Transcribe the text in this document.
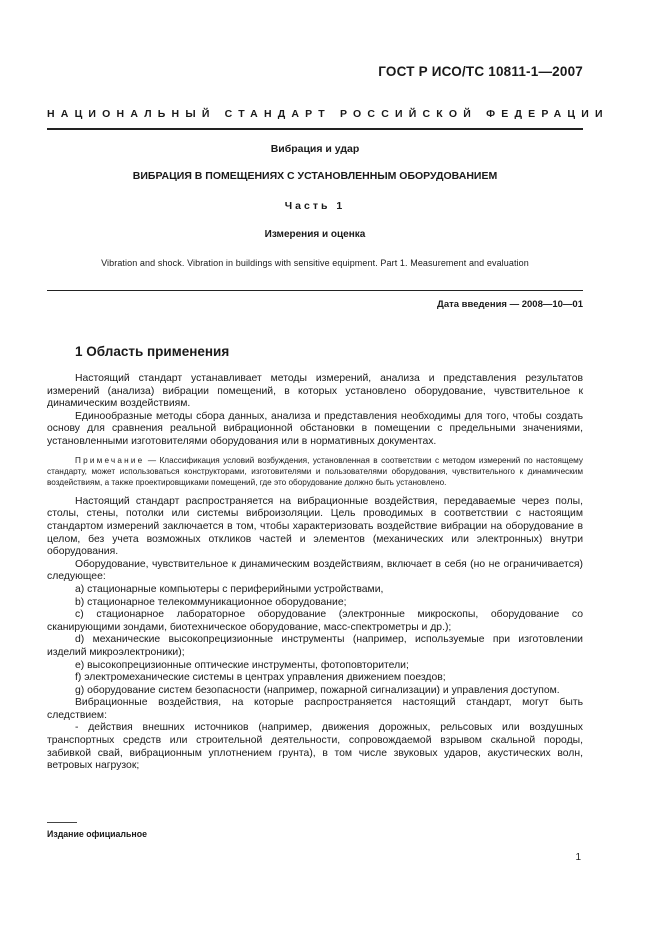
ГОСТ Р ИСО/ТС 10811-1—2007
НАЦИОНАЛЬНЫЙ СТАНДАРТ РОССИЙСКОЙ ФЕДЕРАЦИИ
Вибрация и удар
ВИБРАЦИЯ В ПОМЕЩЕНИЯХ С УСТАНОВЛЕННЫМ ОБОРУДОВАНИЕМ
Часть 1
Измерения и оценка
Vibration and shock. Vibration in buildings with sensitive equipment. Part 1. Measurement and evaluation
Дата введения — 2008—10—01
1 Область применения

Настоящий стандарт устанавливает методы измерений, анализа и представления результатов измерений (анализа) вибрации помещений, в которых установлено оборудование, чувствительное к динамическим воздействиям.

Единообразные методы сбора данных, анализа и представления необходимы для того, чтобы создать основу для сравнения реальной вибрационной обстановки в помещении с предельными значениями, установленными изготовителями оборудования или в нормативных документах.

Примечание — Классификация условий возбуждения, установленная в соответствии с методом измерений по настоящему стандарту, может использоваться конструкторами, изготовителями и пользователями оборудования, чувствительного к динамическим воздействиям, а также проектировщиками помещений, где это оборудование должно быть установлено.

Настоящий стандарт распространяется на вибрационные воздействия, передаваемые через полы, столы, стены, потолки или системы виброизоляции. Цель проводимых в соответствии с настоящим стандартом измерений заключается в том, чтобы характеризовать воздействие вибрации на оборудование в целом, без учета возможных откликов частей и элементов (механических или электронных) внутри оборудования.

Оборудование, чувствительное к динамическим воздействиям, включает в себя (но не ограничивается) следующее:

a) стационарные компьютеры с периферийными устройствами,

b) стационарное телекоммуникационное оборудование;

c) стационарное лабораторное оборудование (электронные микроскопы, оборудование со сканирующими зондами, биотехническое оборудование, масс-спектрометры и др.);

d) механические высокопрецизионные инструменты (например, используемые при изготовлении изделий микроэлектроники);

e) высокопрецизионные оптические инструменты, фотоповторители;

f) электромеханические системы в центрах управления движением поездов;

g) оборудование систем безопасности (например, пожарной сигнализации) и управления доступом.

Вибрационные воздействия, на которые распространяется настоящий стандарт, могут быть следствием:

- действия внешних источников (например, движения дорожных, рельсовых или воздушных транспортных средств или строительной деятельности, сопровождаемой взрывом скальной породы, забивкой свай, вибрационным уплотнением грунта), в том числе звуковых ударов, акустических волн, ветровых нагрузок;

Издание официальное
1
